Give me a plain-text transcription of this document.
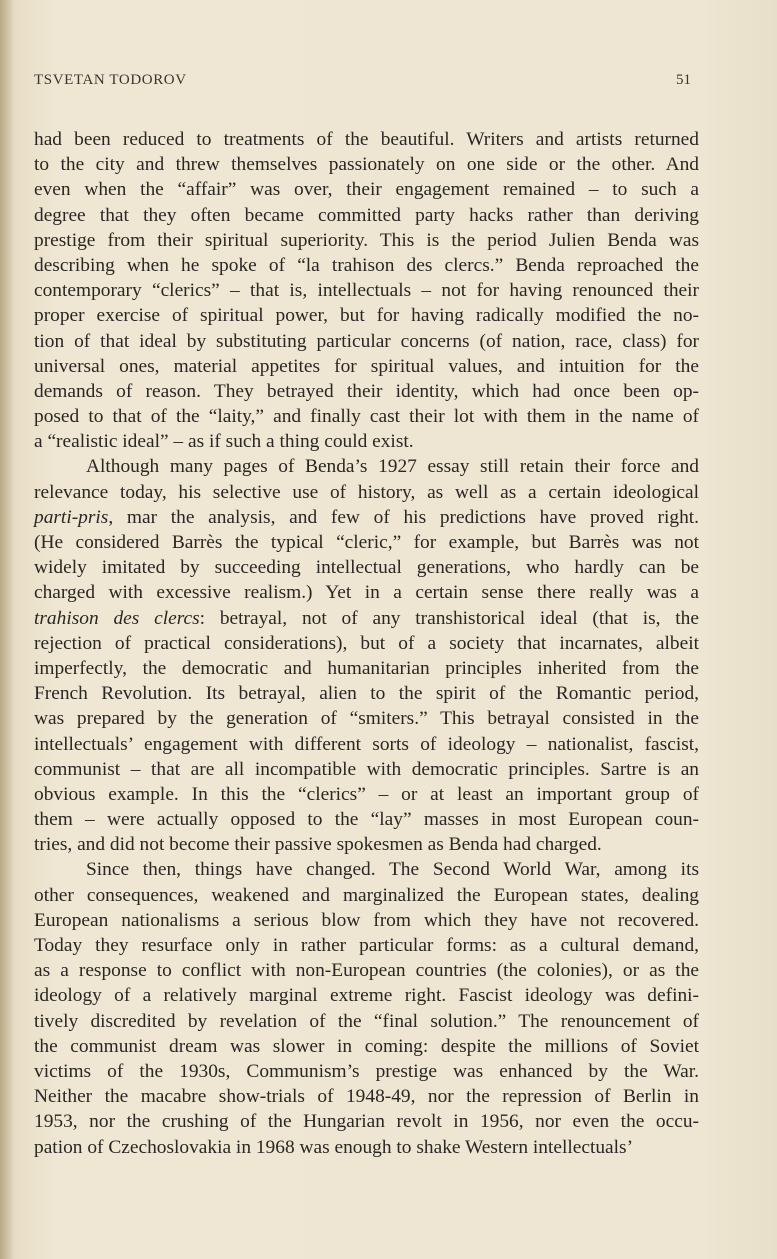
TSVETAN TODOROV	51
had been reduced to treatments of the beautiful. Writers and artists returned
to the city and threw themselves passionately on one side or the other. And
even when the “affair” was over, their engagement remained – to such a
degree that they often became committed party hacks rather than deriving
prestige from their spiritual superiority. This is the period Julien Benda was
describing when he spoke of “la trahison des clercs.” Benda reproached the
contemporary “clerics” – that is, intellectuals – not for having renounced their
proper exercise of spiritual power, but for having radically modified the no-
tion of that ideal by substituting particular concerns (of nation, race, class) for
universal ones, material appetites for spiritual values, and intuition for the
demands of reason. They betrayed their identity, which had once been op-
posed to that of the “laity,” and finally cast their lot with them in the name of
a “realistic ideal” – as if such a thing could exist.
Although many pages of Benda’s 1927 essay still retain their force and
relevance today, his selective use of history, as well as a certain ideological
parti-pris, mar the analysis, and few of his predictions have proved right.
(He considered Barrès the typical “cleric,” for example, but Barrès was not
widely imitated by succeeding intellectual generations, who hardly can be
charged with excessive realism.) Yet in a certain sense there really was a
trahison des clercs: betrayal, not of any transhistorical ideal (that is, the
rejection of practical considerations), but of a society that incarnates, albeit
imperfectly, the democratic and humanitarian principles inherited from the
French Revolution. Its betrayal, alien to the spirit of the Romantic period,
was prepared by the generation of “smiters.” This betrayal consisted in the
intellectuals’ engagement with different sorts of ideology – nationalist, fascist,
communist – that are all incompatible with democratic principles. Sartre is an
obvious example. In this the “clerics” – or at least an important group of
them – were actually opposed to the “lay” masses in most European coun-
tries, and did not become their passive spokesmen as Benda had charged.
Since then, things have changed. The Second World War, among its
other consequences, weakened and marginalized the European states, dealing
European nationalisms a serious blow from which they have not recovered.
Today they resurface only in rather particular forms: as a cultural demand,
as a response to conflict with non-European countries (the colonies), or as the
ideology of a relatively marginal extreme right. Fascist ideology was defini-
tively discredited by revelation of the “final solution.” The renouncement of
the communist dream was slower in coming: despite the millions of Soviet
victims of the 1930s, Communism’s prestige was enhanced by the War.
Neither the macabre show-trials of 1948-49, nor the repression of Berlin in
1953, nor the crushing of the Hungarian revolt in 1956, nor even the occu-
pation of Czechoslovakia in 1968 was enough to shake Western intellectuals’
